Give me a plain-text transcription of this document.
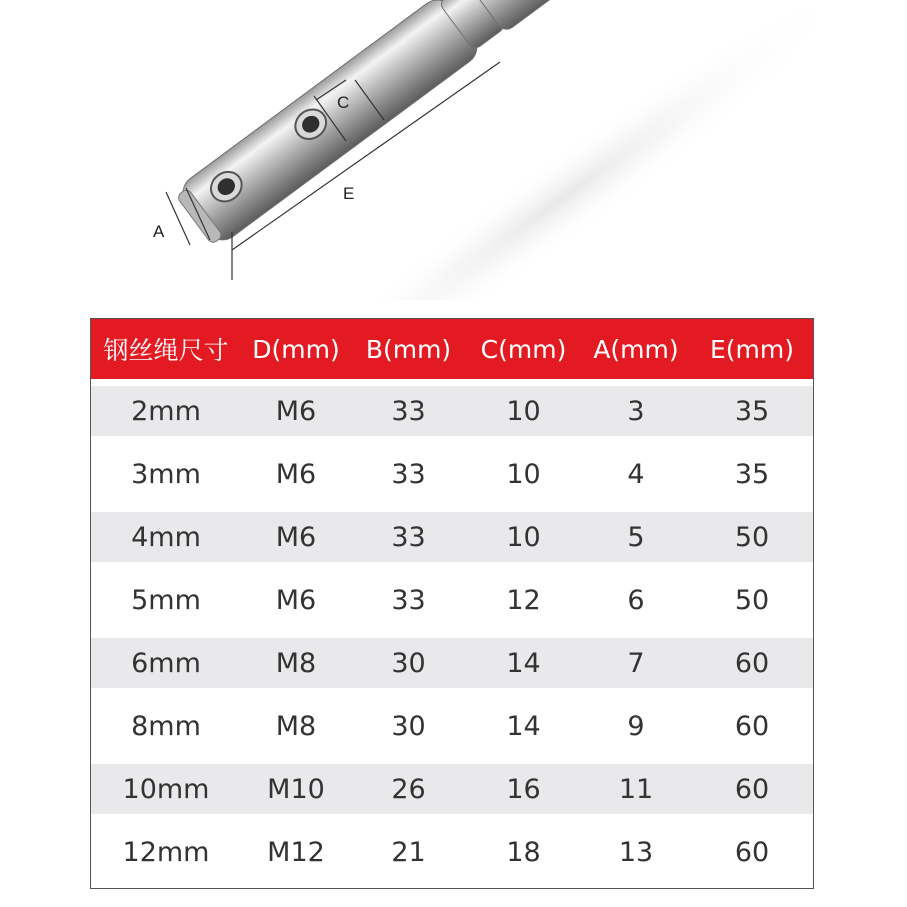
C
E
A
钢丝绳尺寸 D(mm)	B(mm)	C(mm)	A(mm)	E(mm)
2mm	M6	33	10	3	35
3mm	M6	33	10	4	35
4mm	M6	33	10	5	50
5mm	M6	33	12	6	50
6mm	M8	30	14	7	60
8mm	M8	30	14	9	60
10mm	M10	26	16	11	60
12mm	M12	21	18	13	60
